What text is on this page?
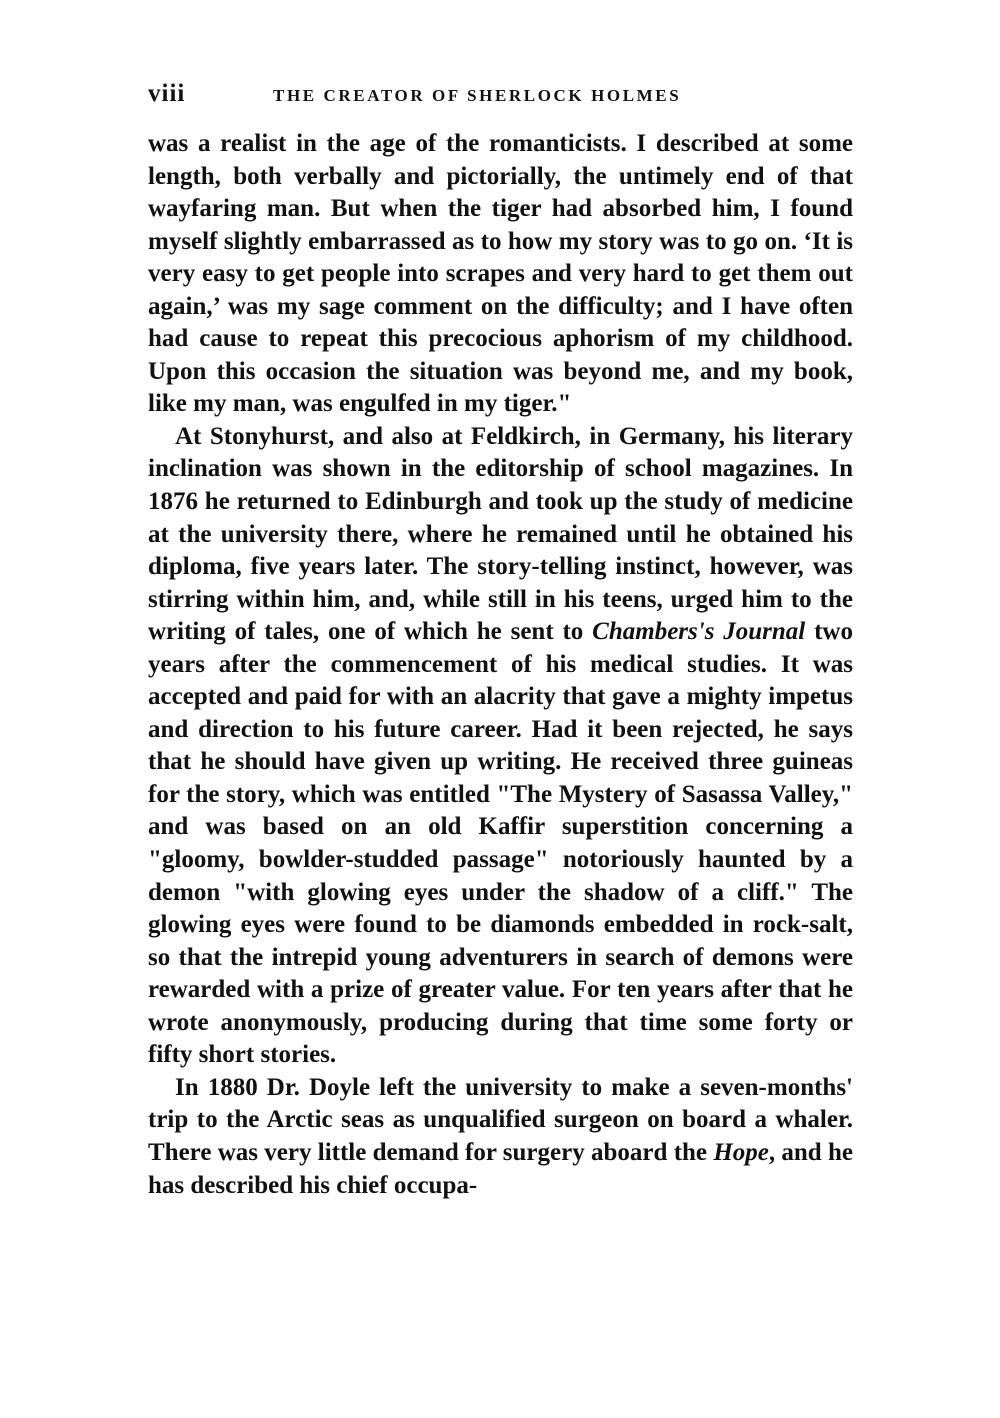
viii	THE CREATOR OF SHERLOCK HOLMES

was a realist in the age of the romanticists. I described at some length, both verbally and pictorially, the untimely end of that wayfaring man. But when the tiger had absorbed him, I found myself slightly embarrassed as to how my story was to go on. ‘It is very easy to get people into scrapes and very hard to get them out again,’ was my sage comment on the difficulty; and I have often had cause to repeat this precocious aphorism of my childhood. Upon this occasion the situation was beyond me, and my book, like my man, was engulfed in my tiger."

At Stonyhurst, and also at Feldkirch, in Germany, his literary inclination was shown in the editorship of school magazines. In 1876 he returned to Edinburgh and took up the study of medicine at the university there, where he remained until he obtained his diploma, five years later. The story-telling instinct, however, was stirring within him, and, while still in his teens, urged him to the writing of tales, one of which he sent to Chambers's Journal two years after the commencement of his medical studies. It was accepted and paid for with an alacrity that gave a mighty impetus and direction to his future career. Had it been rejected, he says that he should have given up writing. He received three guineas for the story, which was entitled "The Mystery of Sasassa Valley," and was based on an old Kaffir superstition concerning a "gloomy, bowlder-studded passage" notoriously haunted by a demon "with glowing eyes under the shadow of a cliff." The glowing eyes were found to be diamonds embedded in rock-salt, so that the intrepid young adventurers in search of demons were rewarded with a prize of greater value. For ten years after that he wrote anonymously, producing during that time some forty or fifty short stories.

In 1880 Dr. Doyle left the university to make a seven-months' trip to the Arctic seas as unqualified surgeon on board a whaler. There was very little demand for surgery aboard the Hope, and he has described his chief occupa-
